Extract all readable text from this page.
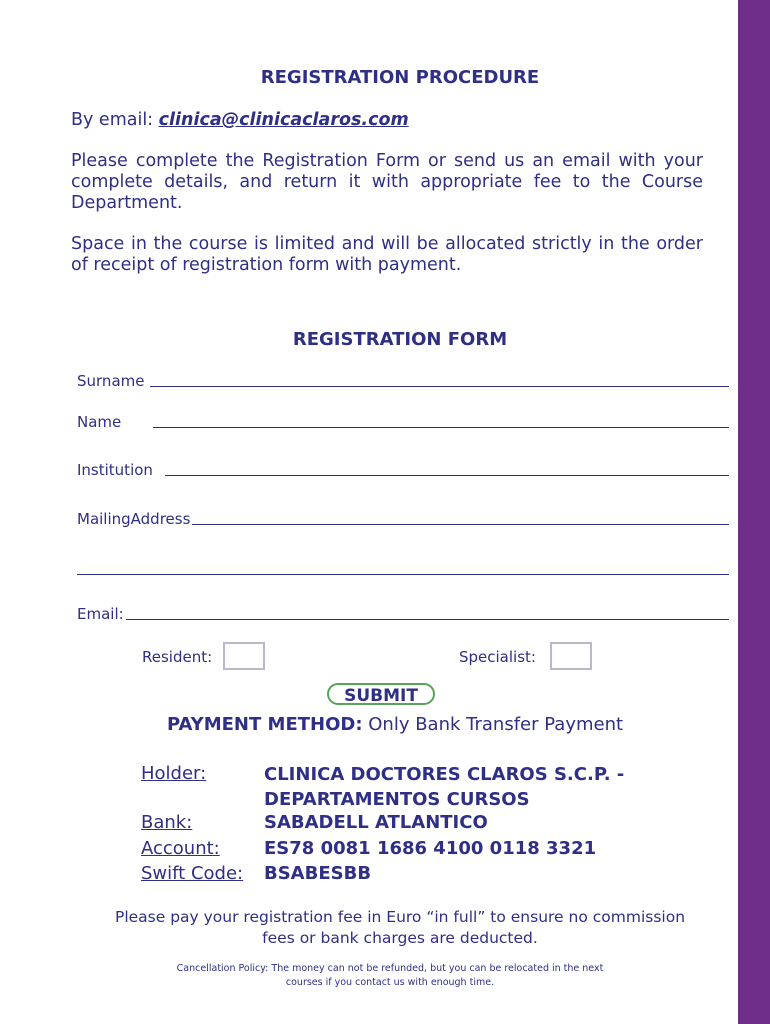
REGISTRATION PROCEDURE
By email: clinica@clinicaclaros.com
Please complete the Registration Form or send us an email with your complete details, and return it with appropriate fee to the Course Department.
Space in the course is limited and will be allocated strictly in the order of receipt of registration form with payment.
REGISTRATION FORM
Surname
Name
Institution
MailingAddress
Email:
Resident:	Specialist:
SUBMIT
PAYMENT METHOD: Only Bank Transfer Payment
Holder:	CLINICA DOCTORES CLAROS S.C.P. -
DEPARTAMENTOS CURSOS
Bank:	SABADELL ATLANTICO
Account: ES78 0081 1686 4100 0118 3321
Swift Code: BSABESBB
Please pay your registration fee in Euro “in full” to ensure no commission fees or bank charges are deducted.
Cancellation Policy: The money can not be refunded, but you can be relocated in the next courses if you contact us with enough time.
